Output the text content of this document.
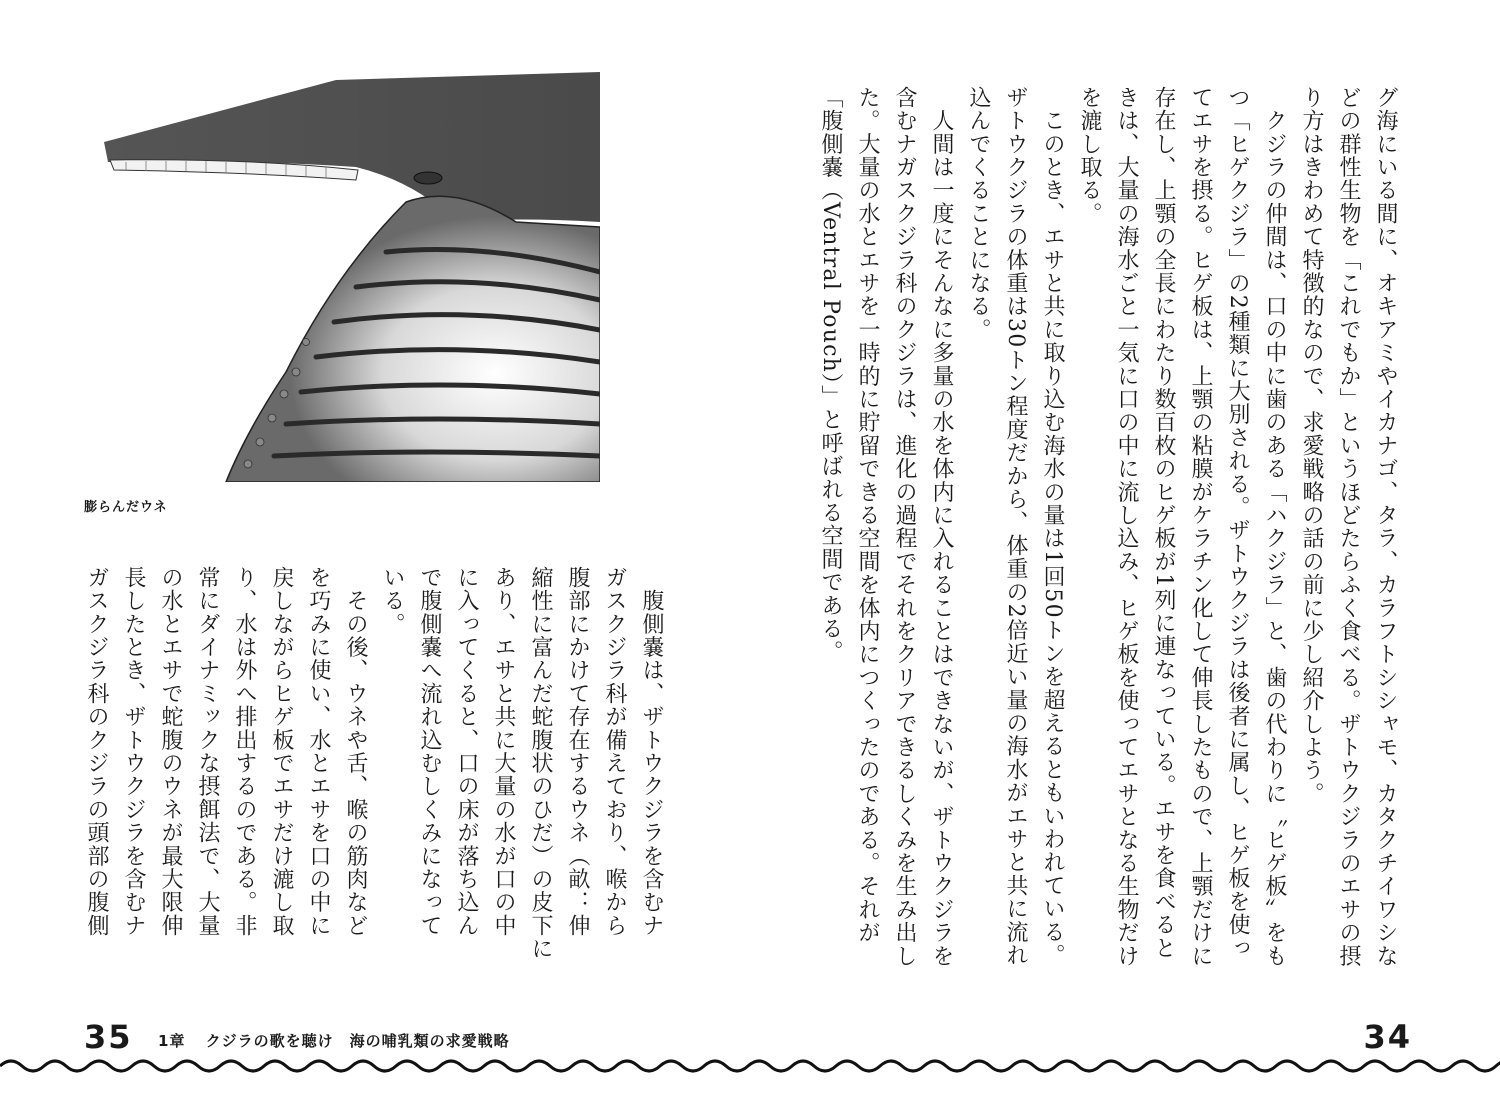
膨らんだウネ	グ海にいる間に、オキアミやイカナゴ、タラ、カラフトシシャモ、カタクチイワシな
どの群性生物を「これでもか」というほどたらふく食べる。ザトウクジラのエサの摂
り方はきわめて特徴的なので、求愛戦略の話の前に少し紹介しよう。
　クジラの仲間は、口の中に歯のある「ハクジラ」と、歯の代わりに〝ヒゲ板〟をも
つ「ヒゲクジラ」の2種類に大別される。ザトウクジラは後者に属し、ヒゲ板を使っ
てエサを摂る。ヒゲ板は、上顎の粘膜がケラチン化して伸長したもので、上顎だけに
存在し、上顎の全長にわたり数百枚のヒゲ板が1列に連なっている。エサを食べると
きは、大量の海水ごと一気に口の中に流し込み、ヒゲ板を使ってエサとなる生物だけ
を漉し取る。
　このとき、エサと共に取り込む海水の量は1回50トンを超えるともいわれている。
ザトウクジラの体重は30トン程度だから、体重の2倍近い量の海水がエサと共に流れ
込んでくることになる。
　人間は一度にそんなに多量の水を体内に入れることはできないが、ザトウクジラを
含むナガスクジラ科のクジラは、進化の過程でそれをクリアできるしくみを生み出し
た。大量の水とエサを一時的に貯留できる空間を体内につくったのである。それが
「腹側嚢（Ventral Pouch）」と呼ばれる空間である。
　腹側嚢は、ザトウクジラを含むナ
ガスクジラ科が備えており、喉から
腹部にかけて存在するウネ（畝：伸
縮性に富んだ蛇腹状のひだ）の皮下に
あり、エサと共に大量の水が口の中
に入ってくると、口の床が落ち込ん
で腹側嚢へ流れ込むしくみになって
いる。
　その後、ウネや舌、喉の筋肉など
を巧みに使い、水とエサを口の中に
戻しながらヒゲ板でエサだけ漉し取
り、水は外へ排出するのである。非
常にダイナミックな摂餌法で、大量
の水とエサで蛇腹のウネが最大限伸
長したとき、ザトウクジラを含むナ
ガスクジラ科のクジラの頭部の腹側
35 1章 クジラの歌を聴け　海の哺乳類の求愛戦略	34
